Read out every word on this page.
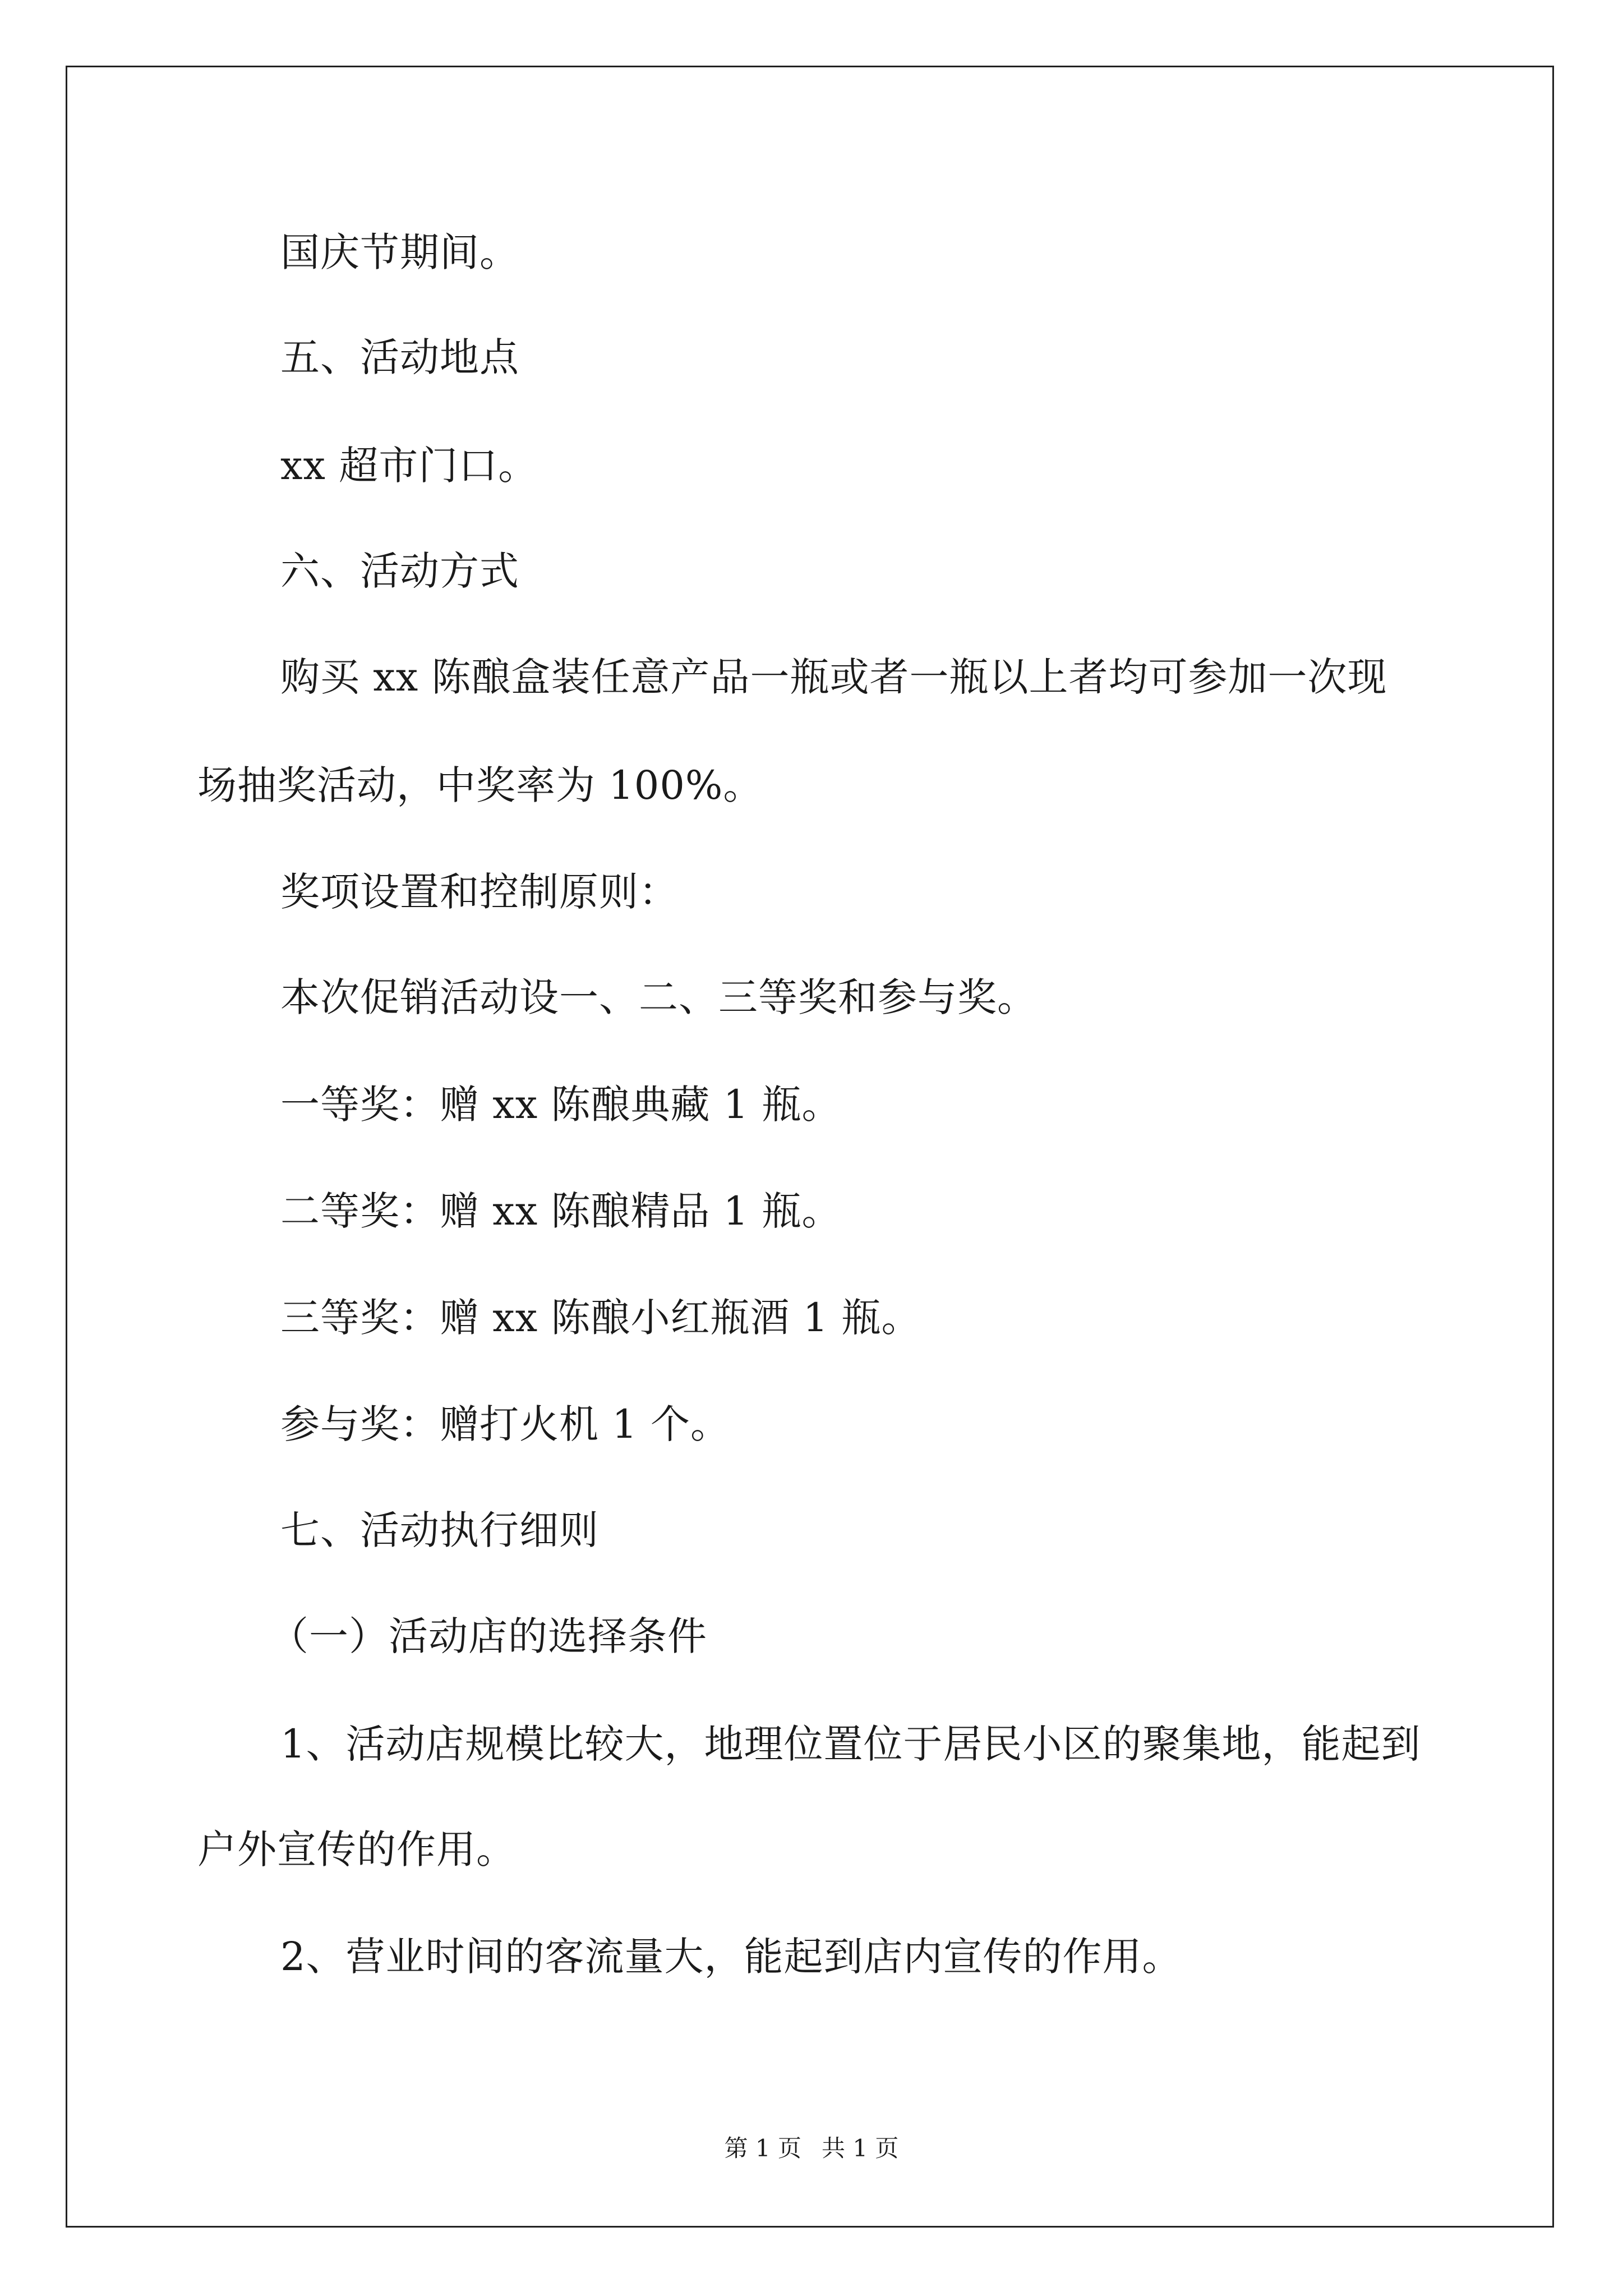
国庆节期间。
五、活动地点
xx 超市门口。
六、活动方式
购买 xx 陈酿盒装任意产品一瓶或者一瓶以上者均可参加一次现
场抽奖活动，中奖率为 100%。
奖项设置和控制原则：
本次促销活动设一、二、三等奖和参与奖。
一等奖：赠 xx 陈酿典藏 1 瓶。
二等奖：赠 xx 陈酿精品 1 瓶。
三等奖：赠 xx 陈酿小红瓶酒 1 瓶。
参与奖：赠打火机 1 个。
七、活动执行细则
（一）活动店的选择条件
1、活动店规模比较大，地理位置位于居民小区的聚集地，能起到
户外宣传的作用。
2、营业时间的客流量大，能起到店内宣传的作用。
第 1 页 共 1 页
